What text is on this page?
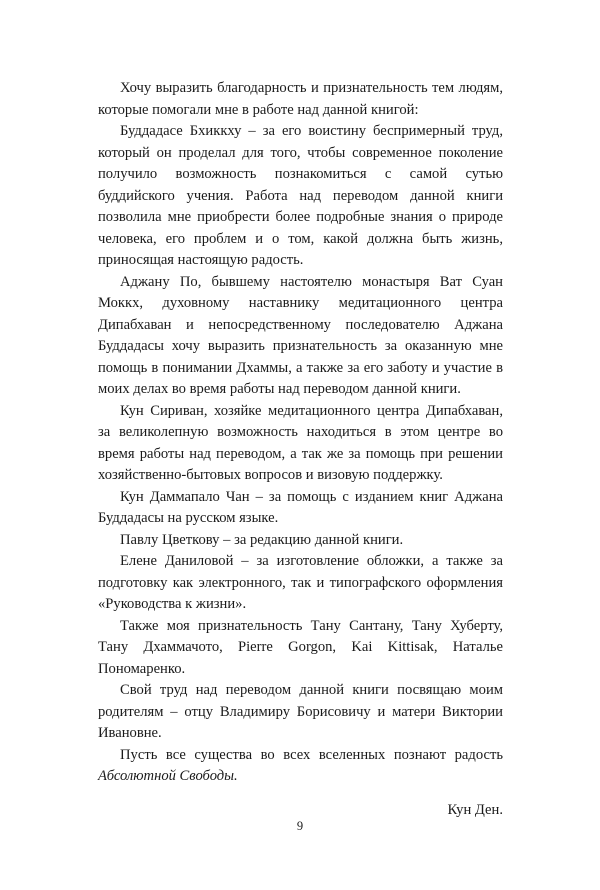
Хочу выразить благодарность и признательность тем людям, которые помогали мне в работе над данной книгой:

Буддадасе Бхиккху – за его воистину беспримерный труд, который он проделал для того, чтобы современное поколение получило возможность познакомиться с самой сутью буддийского учения. Работа над переводом данной книги позволила мне приобрести более подробные знания о природе человека, его проблем и о том, какой должна быть жизнь, приносящая настоящую радость.

Аджану По, бывшему настоятелю монастыря Ват Суан Моккх, духовному наставнику медитационного центра Дипабхаван и непосредственному последователю Аджана Буддадасы хочу выразить признательность за оказанную мне помощь в понимании Дхаммы, а также за его заботу и участие в моих делах во время работы над переводом данной книги.

Кун Сириван, хозяйке медитационного центра Дипабхаван, за великолепную возможность находиться в этом центре во время работы над переводом, а так же за помощь при решении хозяйственно-бытовых вопросов и визовую поддержку.

Кун Даммапало Чан – за помощь с изданием книг Аджана Буддадасы на русском языке.

Павлу Цветкову – за редакцию данной книги.

Елене Даниловой – за изготовление обложки, а также за подготовку как электронного, так и типографского оформления «Руководства к жизни».

Также моя признательность Тану Сантану, Тану Хуберту, Тану Дхаммачото, Pierre Gorgon, Kai Kittisak, Наталье Пономаренко.

Свой труд над переводом данной книги посвящаю моим родителям – отцу Владимиру Борисовичу и матери Виктории Ивановне.

Пусть все существа во всех вселенных познают радость Абсолютной Свободы.

Кун Ден.

9
